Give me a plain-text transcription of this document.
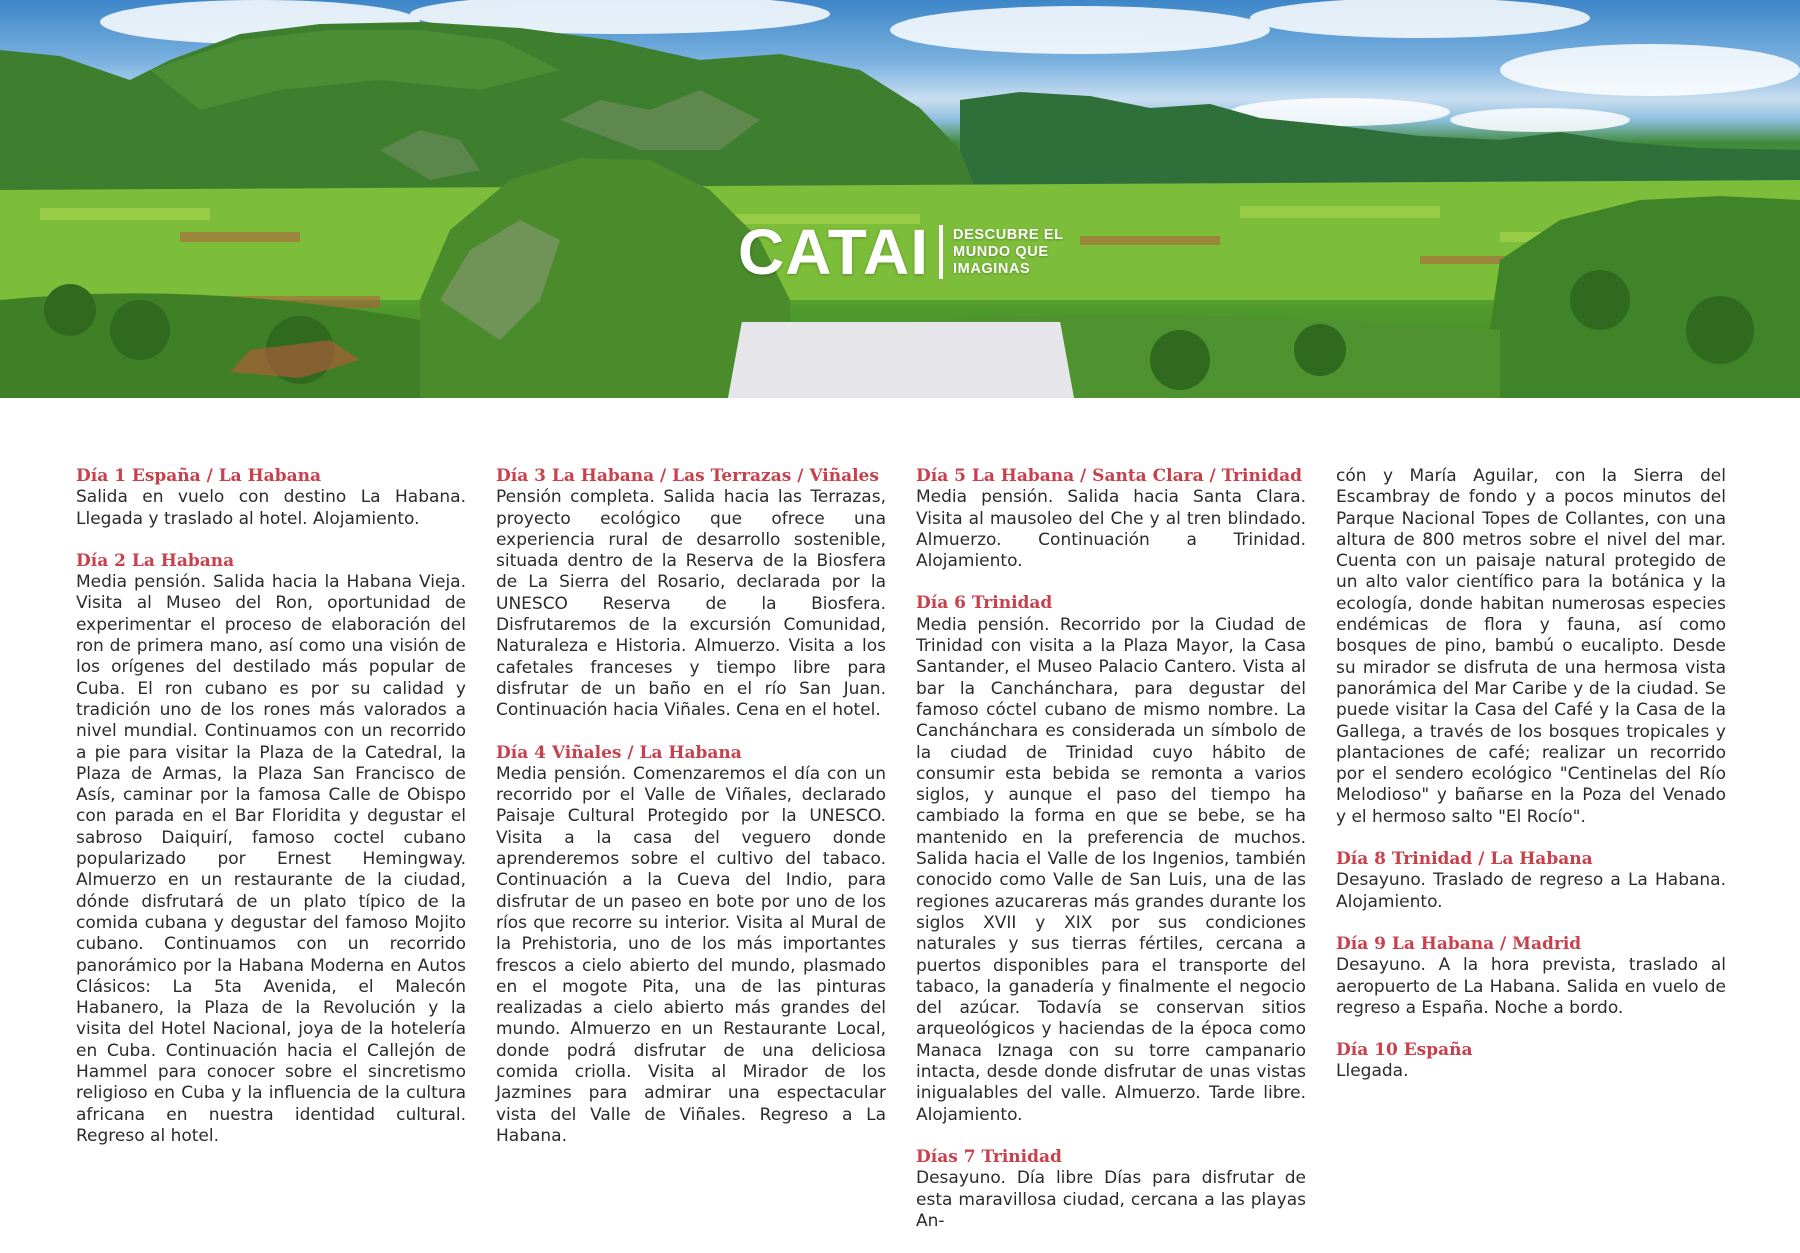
CATAI DESCUBRE EL
MUNDO QUE
IMAGINAS
Día 1 España / La Habana

Salida en vuelo con destino La Habana. Llegada y traslado al hotel. Alojamiento.

Día 2 La Habana

Media pensión. Salida hacia la Habana Vieja. Visita al Museo del Ron, oportunidad de experimentar el proceso de elaboración del ron de primera mano, así como una visión de los orígenes del destilado más popular de Cuba. El ron cubano es por su calidad y tradición uno de los rones más valorados a nivel mundial. Continuamos con un recorrido a pie para visitar la Plaza de la Catedral, la Plaza de Armas, la Plaza San Francisco de Asís, caminar por la famosa Calle de Obispo con parada en el Bar Floridita y degustar el sabroso Daiquirí, famoso coctel cubano popularizado por Ernest Hemingway. Almuerzo en un restaurante de la ciudad, dónde disfrutará de un plato típico de la comida cubana y degustar del famoso Mojito cubano. Continuamos con un recorrido panorámico por la Habana Moderna en Autos Clásicos: La 5ta Avenida, el Malecón Habanero, la Plaza de la Revolución y la visita del Hotel Nacional, joya de la hotelería en Cuba. Continuación hacia el Callejón de Hammel para conocer sobre el sincretismo religioso en Cuba y la influencia de la cultura africana en nuestra identidad cultural. Regreso al hotel.

Día 3 La Habana / Las Terrazas / Viñales

Pensión completa. Salida hacia las Terrazas, proyecto ecológico que ofrece una experiencia rural de desarrollo sostenible, situada dentro de la Reserva de la Biosfera de La Sierra del Rosario, declarada por la UNESCO Reserva de la Biosfera. Disfrutaremos de la excursión Comunidad, Naturaleza e Historia. Almuerzo. Visita a los cafetales franceses y tiempo libre para disfrutar de un baño en el río San Juan. Continuación hacia Viñales. Cena en el hotel.

Día 4 Viñales / La Habana

Media pensión. Comenzaremos el día con un recorrido por el Valle de Viñales, declarado Paisaje Cultural Protegido por la UNESCO. Visita a la casa del veguero donde aprenderemos sobre el cultivo del tabaco. Continuación a la Cueva del Indio, para disfrutar de un paseo en bote por uno de los ríos que recorre su interior. Visita al Mural de la Prehistoria, uno de los más importantes frescos a cielo abierto del mundo, plasmado en el mogote Pita, una de las pinturas realizadas a cielo abierto más grandes del mundo. Almuerzo en un Restaurante Local, donde podrá disfrutar de una deliciosa comida criolla. Visita al Mirador de los Jazmines para admirar una espectacular vista del Valle de Viñales. Regreso a La Habana.

Día 5 La Habana / Santa Clara / Trinidad

Media pensión. Salida hacia Santa Clara. Visita al mausoleo del Che y al tren blindado. Almuerzo. Continuación a Trinidad. Alojamiento.

Día 6 Trinidad

Media pensión. Recorrido por la Ciudad de Trinidad con visita a la Plaza Mayor, la Casa Santander, el Museo Palacio Cantero. Vista al bar la Canchánchara, para degustar del famoso cóctel cubano de mismo nombre. La Canchánchara es considerada un símbolo de la ciudad de Trinidad cuyo hábito de consumir esta bebida se remonta a varios siglos, y aunque el paso del tiempo ha cambiado la forma en que se bebe, se ha mantenido en la preferencia de muchos. Salida hacia el Valle de los Ingenios, también conocido como Valle de San Luis, una de las regiones azucareras más grandes durante los siglos XVII y XIX por sus condiciones naturales y sus tierras fértiles, cercana a puertos disponibles para el transporte del tabaco, la ganadería y finalmente el negocio del azúcar. Todavía se conservan sitios arqueológicos y haciendas de la época como Manaca Iznaga con su torre campanario intacta, desde donde disfrutar de unas vistas inigualables del valle. Almuerzo. Tarde libre. Alojamiento.

Días 7 Trinidad

Desayuno. Día libre Días para disfrutar de esta maravillosa ciudad, cercana a las playas An-

cón y María Aguilar, con la Sierra del Escambray de fondo y a pocos minutos del Parque Nacional Topes de Collantes, con una altura de 800 metros sobre el nivel del mar. Cuenta con un paisaje natural protegido de un alto valor científico para la botánica y la ecología, donde habitan numerosas especies endémicas de flora y fauna, así como bosques de pino, bambú o eucalipto. Desde su mirador se disfruta de una hermosa vista panorámica del Mar Caribe y de la ciudad. Se puede visitar la Casa del Café y la Casa de la Gallega, a través de los bosques tropicales y plantaciones de café; realizar un recorrido por el sendero ecológico "Centinelas del Río Melodioso" y bañarse en la Poza del Venado y el hermoso salto "El Rocío".

Día 8 Trinidad / La Habana

Desayuno. Traslado de regreso a La Habana. Alojamiento.

Día 9 La Habana / Madrid

Desayuno. A la hora prevista, traslado al aeropuerto de La Habana. Salida en vuelo de regreso a España. Noche a bordo.

Día 10 España

Llegada.
